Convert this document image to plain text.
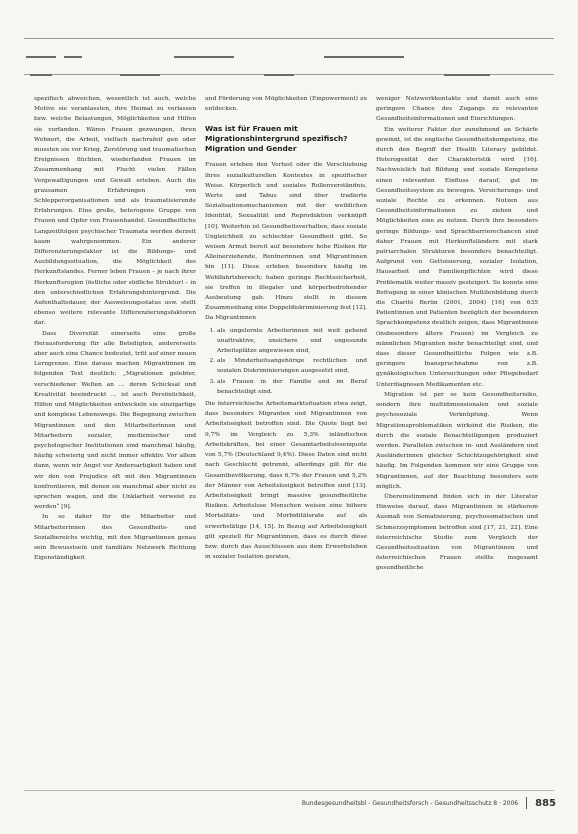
spezifisch abweichen, wesentlich ist auch, welche Motive sie veranlassten, ihre Heimat zu verlassen bzw. welche Belastungen, Möglichkeiten und Hilfen sie vorfanden. Wären Frauen gezwungen, ihren Wohnort, die Arbeit, vielfach nachrufeif gen oder mussten sie vor Krieg, Zerstörung und traumatischen Ereignissen flüchten, wiederfanden Frauen im Zusammenhang mit Flucht vielen Fällen Vergewaltigungen und Gewalt erleben. Auch die grausamen Erfahrungen von Schlepperorganisationen und als traumatisierende Erfahrungen. Eine große, heterogene Gruppe von Frauen und Opfer von Frauenhandel. Gesundheitliche Langzeitfolgen psychischer Traumata werden derzeit kaum wahrgenommen. Ein anderer Differenzierungsfaktor ist die Bildungs- und Ausbildungssituation, die Möglichkeit des Herkunftslandes. Ferner leben Frauen – je nach ihrer Herkunftsregion (östliche oder südliche Struktur) – in den unterschiedlichen Erfahrungshintergrund. Die Aufenthaltsdauer, der Ausweisungsstatus usw. stellt ebenso weitere relevante Differenzierungsfaktoren dar.

Dass Diversität einerseits eine große Herausforderung für alle Beteiligten, andererseits aber auch eine Chance bedeutet, tritt auf einer neuen Lerngrenze. Eine daraus machen Migrantinnen im folgenden Text deutlich: „Migrationen gelebter, verschiedener Welten an … deren Schicksal und Kreativität beeindruckt … ist auch Persönlichkeit, Hilfen und Möglichkeiten entwickeln sie einzigartige und komplexe Lebenswege. Die Begegnung zwischen Migrantinnen und den Mitarbeiterinnen und Mitarbeitern sozialer, medizinischer und psychologischer Institutionen sind manchmal häufig, häufig schwierig und nicht immer effektiv. Vor allem dann, wenn wir Angst vor Andersartigkeit haben und wir den von Prejudice oft mit den Migrantinnen konfrontieren, mit denen sie manchmal aber nicht zu sprechen wagen, und die Unklarheit verweist zu werden“ [9].

In so daher für die Mitarbeiter und Mitarbeiterinnen des Gesundheits- und Sozialbereichs wichtig, mit den Migrantinnen genau sein Bewusstsein und familiäre Netzwerk Richtung Eigenständigkeit

und Förderung von Möglichkeiten (Empowerment) zu entdecken.

Was ist für Frauen mit Migrationshintergrund spezifisch? Migration und Gender

Frauen erleben den Verlust oder die Verschiebung ihres sozialkulturellen Kontextes in spezifischer Weise. Körperlich und soziales Rollenverständnis, Werte und Tabus sind über tradierte Sozialisationsmechanismen mit der weiblichen Identität, Sexualität und Reproduktion verknüpft [10]. Weiterhin ist Gesundheitsverhalten, dass soziale Ungleichheit zu schlechter Gesundheit gibt. So weisen Armut bereit auf besondere hohe Risiken für Alleinerziehende, Rentnerinnen und Migrantinnen hin [11]. Diese erleben besonders häufig im Wohlfahrtsbereich; haben geringe Rechtssicherheit, sie treffen in illegaler und körperbedrohender Ausbeutung gab. Hinzu stellt in diesem Zusammenhang eine Doppeldiskriminierung fest [12]. Da Migrantinnen

1. als ungelernte Arbeiterinnen mit weit gehend unattraktive, unsichere und ungesunde Arbeitsplätze angewiesen sind,
2. als Minderheitsangehörige rechtlichen und sozialen Diskriminierungen ausgesetzt sind,
3. als Frauen in der Familie und im Beruf benachteiligt sind.

Die österreichische Arbeitsmarktsituation etwa zeigt, dass besonders Migranten und Migrantinnen von Arbeitslosigkeit betroffen sind. Die Quote liegt bei 9,7% im Vergleich zu 5,3% inländischen Arbeitskräften, bei einer Gesamtarbeitslosenquote von 5,7% (Deutschland 9,4%). Diese Daten sind nicht nach Geschlecht getrennt, allerdings gilt für die Gesamtbevölkerung, dass 6,7% der Frauen und 5,2% der Männer von Arbeitslosigkeit betroffen sind [13]. Arbeitslosigkeit bringt massive gesundheitliche Risiken. Arbeitslose Menschen weisen eine höhere Mortalitäts- und Morbiditätsrate auf als erwerbstätige [14, 15]. In Bezug auf Arbeitslosigkeit gilt speziell für Migrantinnen, dass es durch diese bzw. durch das Ausschlussen aus dem Erwerbsleben in sozialer Isolation geraten,

weniger Netzwerkkontakte und damit auch eine geringere Chance des Zugangs zu relevanten Gesundheitsinformationen und Einrichtungen.

Ein weiterer Faktor der zunehmend an Schärfe gewinnt, ist die englische Gesundheitskompetenz, die durch den Begriff der Health Literacy gebildet. Heterogenität der Charakteristik wird [16]. Nachweislich hat Bildung und soziale Kompetenz einen relevanten Einfluss darauf, gut im Gesundheitssystem zu bewegen. Versicherungs- und soziale Rechte zu erkennen. Nutzen aus Gesundheitsinformationen zu ziehen und Möglichkeiten eine zu nutzen. Durch ihre besonders geringe Bildungs- und Sprachbarrierechancen sind daher Frauen mit Herkunftsländern mit stark patriarchalen Strukturen besonders benachteiligt. Aufgrund von Gettoisierung, sozialer Isolation, Hausarbeit und Familienpflichten wird diese Problematik weiter massiv gesteigert. So konnte eine Befragung in einer klinischen Muttilenbildung durch die Charité Berlin (2001, 2004) [16] von 635 Patientinnen und Patienten bezüglich der besonderen Sprachkompetenz deutlich zeigen, dass Migrantinnen (insbesondere ältere Frauen) im Vergleich zu männlichen Migranten mehr benachteiligt sind, und dass dieser Gesundheitliche Folgen wie z.B. geringere Inanspruchnahme von z.B. gynäkologischen Untersuchungen oder Pflegebedarf Unterdiagnosen Medikamenten etc.

Migration ist per se kein Gesundheitsrisiko, sondern ihre multidimensionalen und soziale psychosoziale Verknüpfung. Wenn Migrationsproblematiken wirksind die Risiken, die durch die soziale Benachteiligungen produziert werden. Parallelen zwischen in- und Ausländern und Ausländerinnen gleicher Schichtzugehörigkeit sind häufig. Im Folgenden kommen wir eine Gruppe von Migrantinnen, auf der Beachtung besonders sein möglich.

Übereinstimmend finden sich in der Literatur Hinweise darauf, dass Migrantinnen in stärkerem Ausmaß von Somatisierung, psychosomatischen und Schmerzsymptomen betroffen sind [17, 21, 22]. Eine österreichische Studie zum Vergleich der Gesundheitssituation von Migrantinnen und österreichischen Frauen stellte insgesamt gesundheitliche

Bundesgesundheitsbl - Gesundheitsforsch - Gesundheitsschutz 8 · 2006 885
